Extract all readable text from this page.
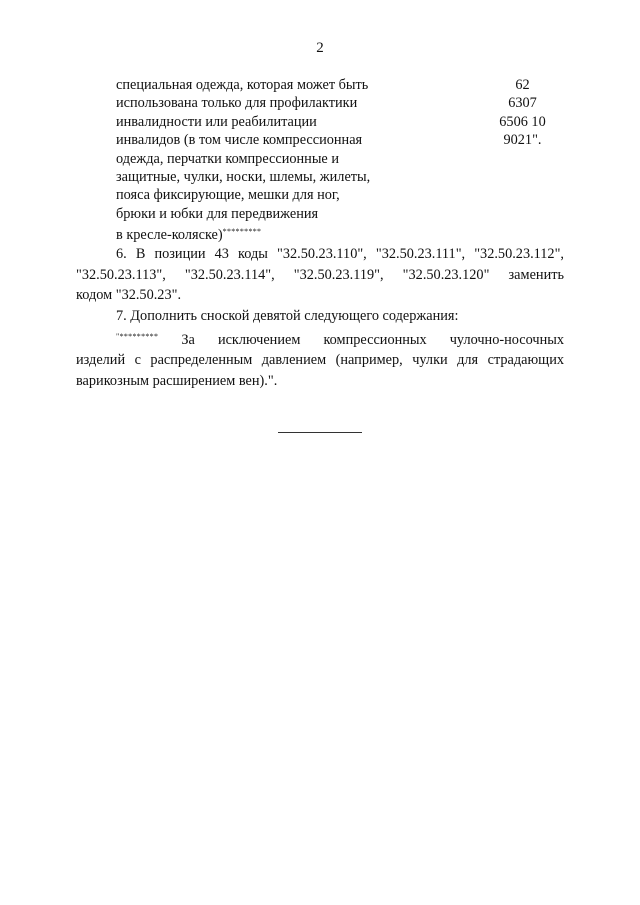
2
специальная одежда, которая может быть
использована только для профилактики
инвалидности или реабилитации
инвалидов (в том числе компрессионная
одежда, перчатки компрессионные и
защитные, чулки, носки, шлемы, жилеты,
пояса фиксирующие, мешки для ног,
брюки и юбки для передвижения
в кресле-коляске)*********
62
6307
6506 10
9021".
6. В позиции 43 коды "32.50.23.110", "32.50.23.111", "32.50.23.112",
"32.50.23.113", "32.50.23.114", "32.50.23.119", "32.50.23.120" заменить
кодом "32.50.23".
7. Дополнить сноской девятой следующего содержания:
"********* За исключением компрессионных чулочно-носочных
изделий с распределенным давлением (например, чулки для страдающих
варикозным расширением вен).".
